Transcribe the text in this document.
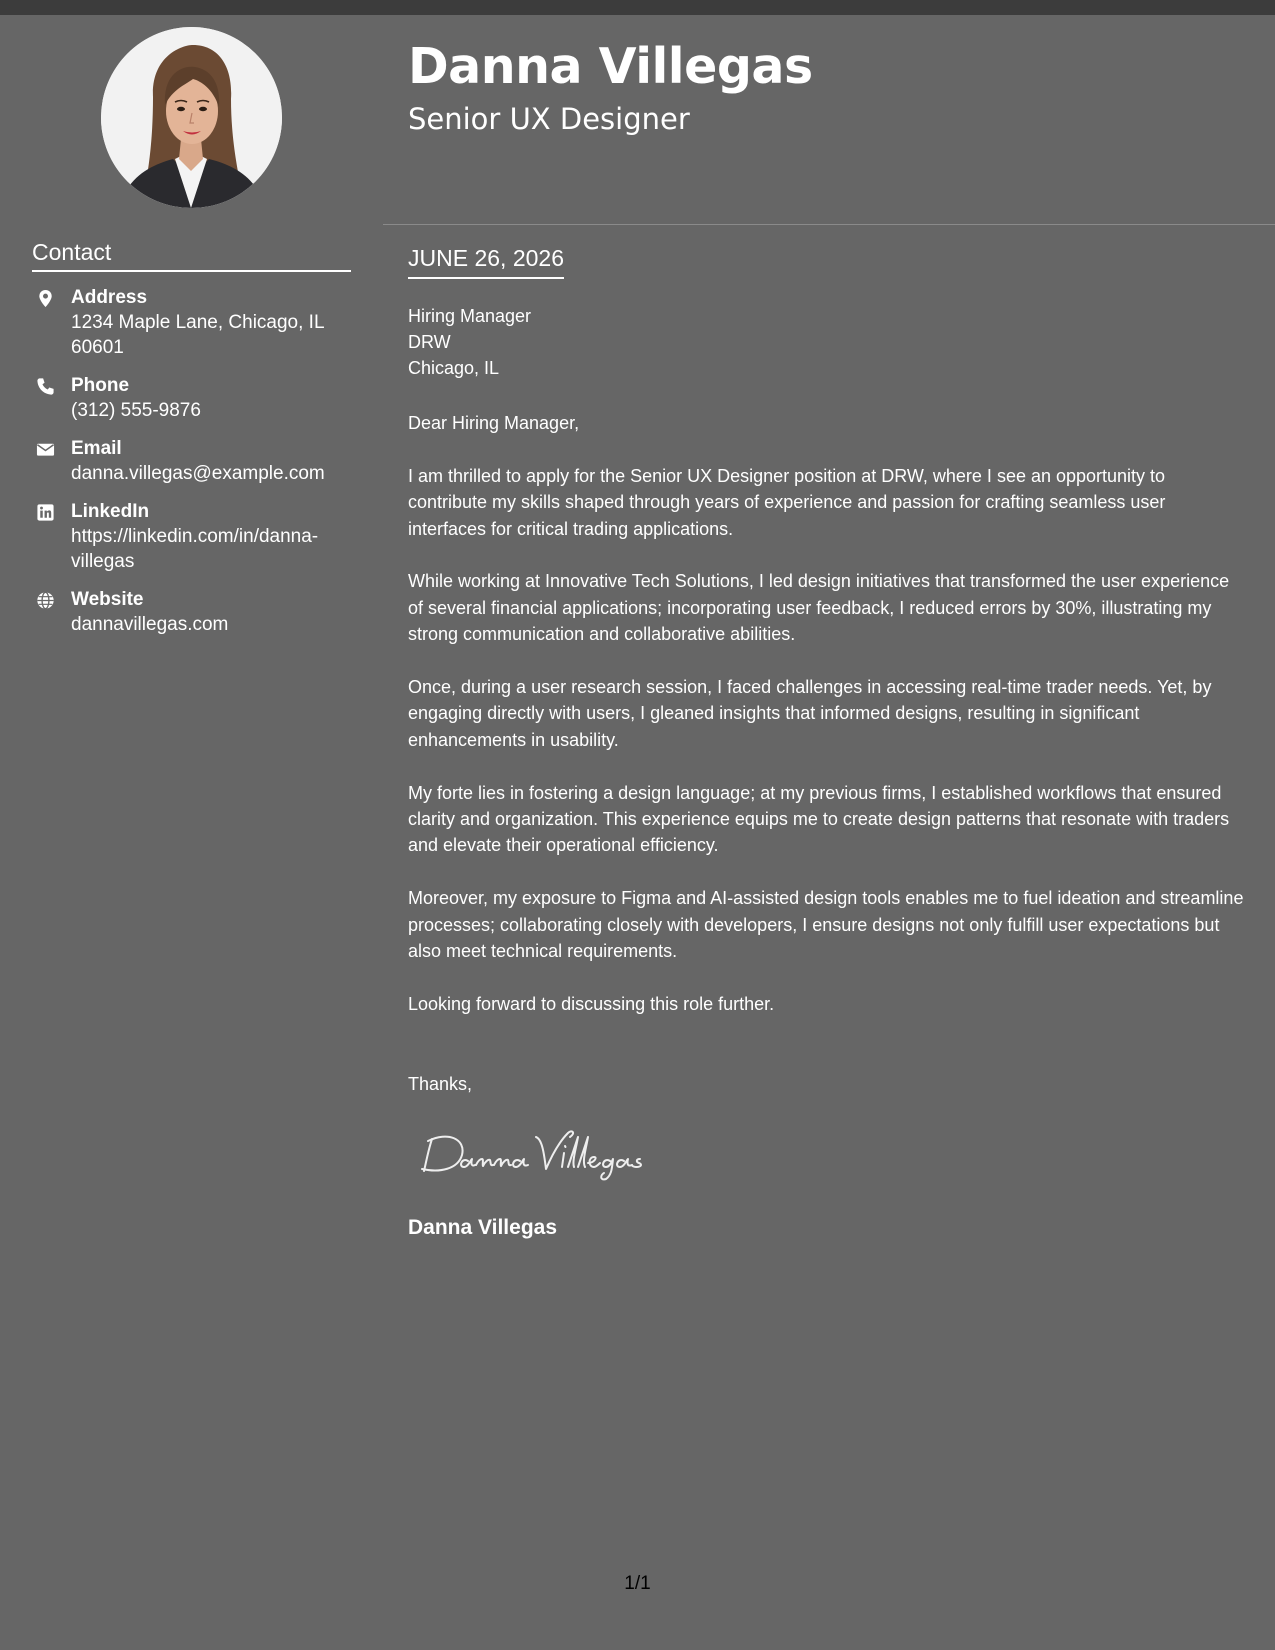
Danna Villegas
Senior UX Designer
Contact
Address
1234 Maple Lane, Chicago, IL 60601
Phone
(312) 555-9876
Email
danna.villegas@example.com
LinkedIn
https://linkedin.com/in/danna-villegas
Website
dannavillegas.com
JUNE 26, 2026
Hiring Manager
DRW
Chicago, IL

Dear Hiring Manager,

I am thrilled to apply for the Senior UX Designer position at DRW, where I see an opportunity to contribute my skills shaped through years of experience and passion for crafting seamless user interfaces for critical trading applications.

While working at Innovative Tech Solutions, I led design initiatives that transformed the user experience of several financial applications; incorporating user feedback, I reduced errors by 30%, illustrating my strong communication and collaborative abilities.

Once, during a user research session, I faced challenges in accessing real-time trader needs. Yet, by engaging directly with users, I gleaned insights that informed designs, resulting in significant enhancements in usability.

My forte lies in fostering a design language; at my previous firms, I established workflows that ensured clarity and organization. This experience equips me to create design patterns that resonate with traders and elevate their operational efficiency.

Moreover, my exposure to Figma and AI-assisted design tools enables me to fuel ideation and streamline processes; collaborating closely with developers, I ensure designs not only fulfill user expectations but also meet technical requirements.

Looking forward to discussing this role further.

Thanks,
Danna Villegas
1/1
